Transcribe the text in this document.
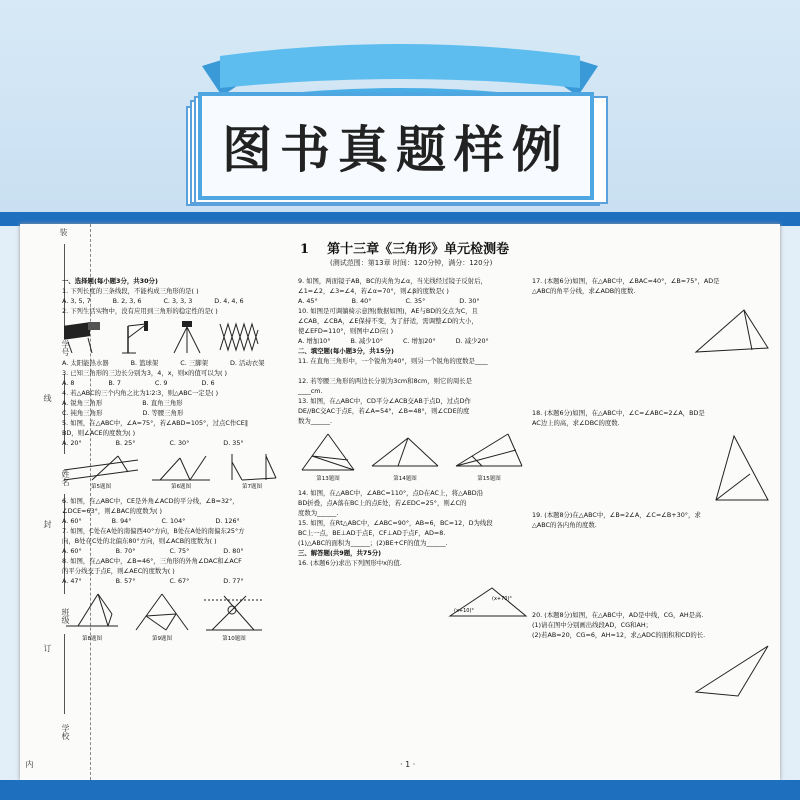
图书真题样例
装
学号
线
姓名
封
班级
订
学校
内
1 第十三章《三角形》单元检测卷
(测试范围：第13章 时间：120分钟，满分：120分)

一、选择题(每小题3分，共30分)

1. 下列长度的三条线段，不能构成三角形的是( )

A. 3, 5, 7	B. 2, 3, 6	C. 3, 3, 3	D. 4, 4, 6

2. 下列生活实物中，没有应用到三角形的稳定性的是( )

A. 太阳能热水器	B. 篮球架	C. 三脚架	D. 活动衣架

3. 已知三角形的三边长分别为3，4，x，则x的值可以为( )

A. 8	B. 7	C. 9	D. 6

4. 若△ABC的三个内角之比为1∶2∶3，则△ABC一定是( )

A. 锐角三角形	B. 直角三角形

C. 钝角三角形	D. 等腰三角形

5. 如图，在△ABC中，∠A=75°，若∠ABD=105°，过点C作CE∥

BD，则∠ACE的度数为( )

A. 20°	B. 25°	C. 30°	D. 35°

第5题图	第6题图	第7题图

6. 如图，在△ABC中，CE是外角∠ACD的平分线，∠B=32°，

∠DCE=63°，则∠BAC的度数为( )

A. 60°	B. 94°	C. 104°	D. 126°

7. 如图，C处在A处的南偏西40°方向，B处在A处的南偏东25°方

向，B处在C处的北偏东80°方向，则∠ACB的度数为( )

A. 60°	B. 70°	C. 75°	D. 80°

8. 如图，在△ABC中，∠B=46°，三角形的外角∠DAC和∠ACF

的平分线交于点E，则∠AEC的度数为( )

A. 47°	B. 57°	C. 67°	D. 77°

第8题图	第9题图	第10题图

9. 如图，两面镜子AB，BC的夹角为∠α，当光线经过镜子反射后，

∠1=∠2，∠3=∠4，若∠α=70°，则∠β的度数是( )

A. 45°	B. 40°	C. 35°	D. 30°

10. 如图是可调躺椅示意图(数据如图)，AE与BD的交点为C，且

∠CAB，∠CBA，∠E保持不变，为了舒适，需调整∠D的大小，

使∠EFD=110°，则图中∠D应( )

A. 增加10°	B. 减少10°	C. 增加20°	D. 减少20°

二、填空题(每小题3分，共15分)

11. 在直角三角形中，一个锐角为40°，则另一个锐角的度数是____

12. 若等腰三角形的两边长分别为3cm和8cm，则它的周长是

____cm.

13. 如图，在△ABC中，CD平分∠ACB交AB于点D，过点D作

DE//BC交AC于点E，若∠A=54°，∠B=48°，则∠CDE的度

数为______.

第13题图	第14题图	第15题图

14. 如图，在△ABC中，∠ABC=110°，点D在AC上，将△ABD沿

BD折叠，点A落在BC上的点E处，若∠EDC=25°，则∠C的

度数为______.

15. 如图，在Rt△ABC中，∠ABC=90°，AB=6，BC=12，D为线段

BC上一点，BE⊥AD于点E，CF⊥AD于点F，AD=8.

(1)△ABC的面积为______；(2)BE+CF的值为______.

三、解答题(共9题，共75分)

16. (本题6分)求出下列图形中x的值.

(x+10)°
(x+70)°

17. (本题6分)如图，在△ABC中，∠BAC=40°，∠B=75°，AD是

△ABC的角平分线，求∠ADB的度数.

18. (本题6分)如图，在△ABC中，∠C=∠ABC=2∠A，BD是

AC边上的高，求∠DBC的度数.

19. (本题8分)在△ABC中，∠B=2∠A，∠C=∠B+30°，求

△ABC的各内角的度数.

20. (本题8分)如图，在△ABC中，AD是中线，CG，AH是高.

(1)请在图中分别画出线段AD，CG和AH；

(2)若AB=20，CG=6，AH=12，求△ADC的面积和CD的长.

· 1 ·
